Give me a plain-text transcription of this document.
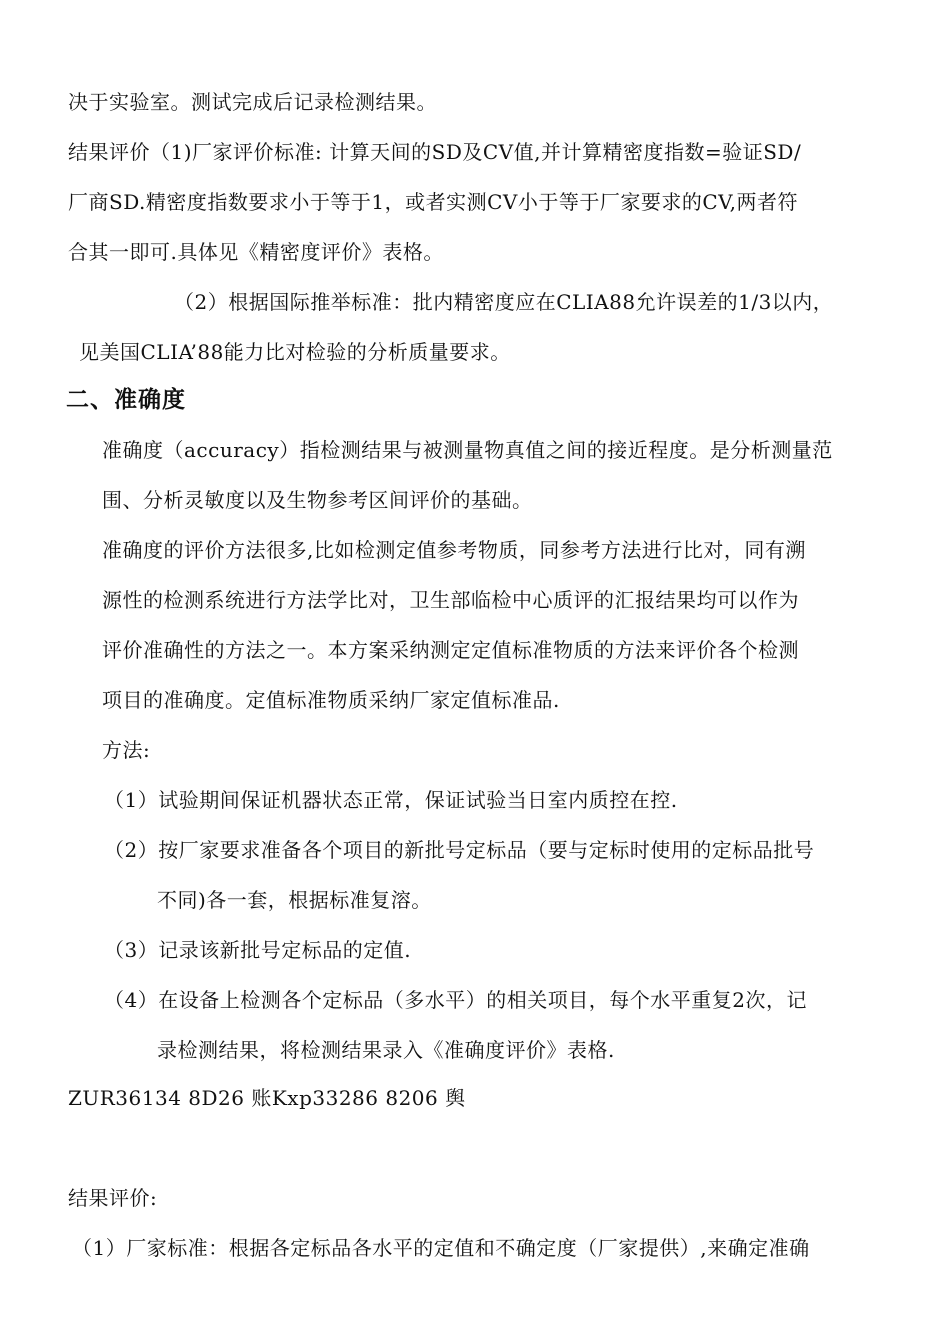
决于实验室。测试完成后记录检测结果。
结果评价（1)厂家评价标准: 计算天间的SD及CV值,并计算精密度指数=验证SD/
厂商SD.精密度指数要求小于等于1，或者实测CV小于等于厂家要求的CV,两者符
合其一即可.具体见《精密度评价》表格。
（2）根据国际推举标准：批内精密度应在CLIA88允许误差的1/3以内，
见美国CLIA’88能力比对检验的分析质量要求。
二、准确度
准确度（accuracy）指检测结果与被测量物真值之间的接近程度。是分析测量范
围、分析灵敏度以及生物参考区间评价的基础。
准确度的评价方法很多,比如检测定值参考物质，同参考方法进行比对，同有溯
源性的检测系统进行方法学比对，卫生部临检中心质评的汇报结果均可以作为
评价准确性的方法之一。本方案采纳测定定值标准物质的方法来评价各个检测
项目的准确度。定值标准物质采纳厂家定值标准品.
方法:
（1）试验期间保证机器状态正常，保证试验当日室内质控在控.
（2）按厂家要求准备各个项目的新批号定标品（要与定标时使用的定标品批号
不同)各一套，根据标准复溶。
（3）记录该新批号定标品的定值.
（4）在设备上检测各个定标品（多水平）的相关项目，每个水平重复2次，记
录检测结果，将检测结果录入《准确度评价》表格.
ZUR36134 8D26 账Kxp33286 8206 舆
结果评价:
（1）厂家标准：根据各定标品各水平的定值和不确定度（厂家提供）,来确定准确
